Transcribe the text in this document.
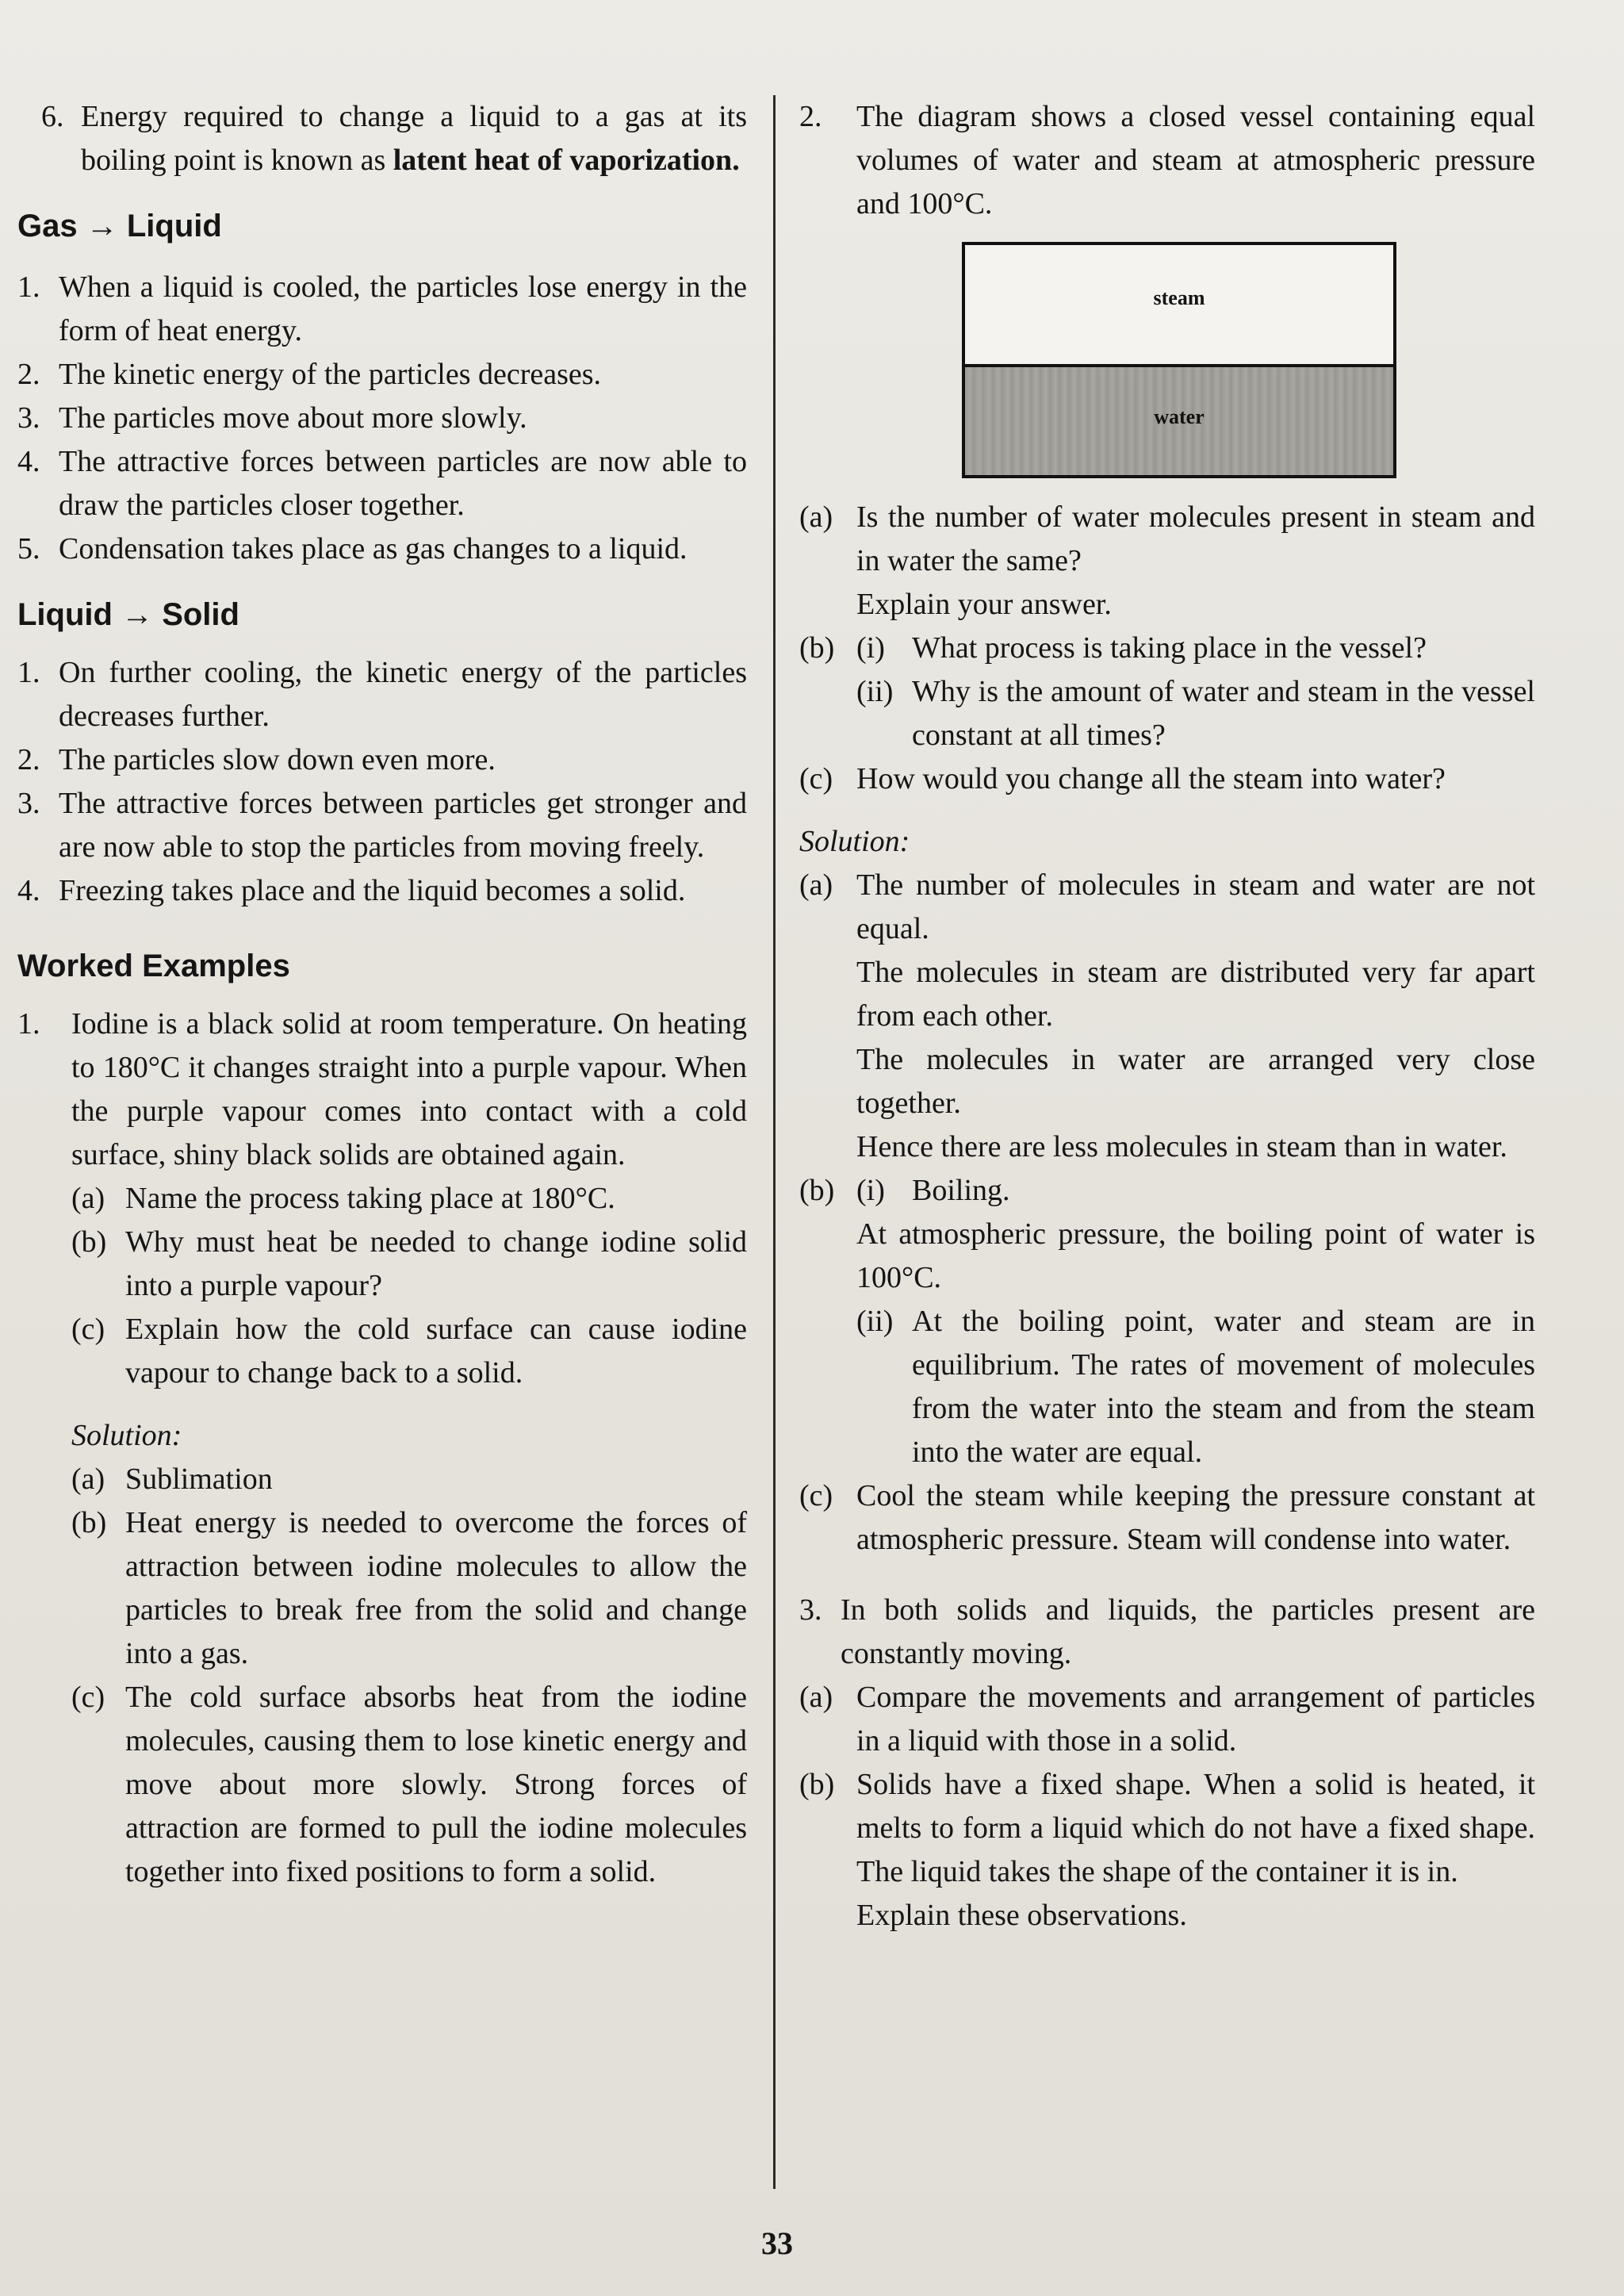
6. Energy required to change a liquid to a gas at its boiling point is known as latent heat of vaporization.
Gas → Liquid
1. When a liquid is cooled, the particles lose energy in the form of heat energy.
2. The kinetic energy of the particles decreases.
3. The particles move about more slowly.
4. The attractive forces between particles are now able to draw the particles closer together.
5. Condensation takes place as gas changes to a liquid.
Liquid → Solid
1. On further cooling, the kinetic energy of the particles decreases further.
2. The particles slow down even more.
3. The attractive forces between particles get stronger and are now able to stop the particles from moving freely.
4. Freezing takes place and the liquid becomes a solid.
Worked Examples
1.	Iodine is a black solid at room temperature. On heating to 180°C it changes straight into a purple vapour. When the purple vapour comes into contact with a cold surface, shiny black solids are obtained again.
(a) Name the process taking place at 180°C.
(b) Why must heat be needed to change iodine solid into a purple vapour?
(c) Explain how the cold surface can cause iodine vapour to change back to a solid.

Solution:

(a) Sublimation
(b) Heat energy is needed to overcome the forces of attraction between iodine molecules to allow the particles to break free from the solid and change into a gas.
(c) The cold surface absorbs heat from the iodine molecules, causing them to lose kinetic energy and move about more slowly. Strong forces of attraction are formed to pull the iodine molecules together into fixed positions to form a solid.
2.	The diagram shows a closed vessel containing equal volumes of water and steam at atmospheric pressure and 100°C.
steam
water
(a) Is the number of water molecules present in steam and in water the same?

Explain your answer.

(b) (i) What process is taking place in the vessel?
(ii) Why is the amount of water and steam in the vessel constant at all times?
(c) How would you change all the steam into water?

Solution:

(a) The number of molecules in steam and water are not equal.
The molecules in steam are distributed very far apart from each other.
The molecules in water are arranged very close together.
Hence there are less molecules in steam than in water.
(b) (i) Boiling.

At atmospheric pressure, the boiling point of water is 100°C.

(ii) At the boiling point, water and steam are in equilibrium. The rates of movement of molecules from the water into the steam and from the steam into the water are equal.
(c) Cool the steam while keeping the pressure constant at atmospheric pressure. Steam will condense into water.
3. In both solids and liquids, the particles present are constantly moving.
(a) Compare the movements and arrangement of particles in a liquid with those in a solid.
(b) Solids have a fixed shape. When a solid is heated, it melts to form a liquid which do not have a fixed shape. The liquid takes the shape of the container it is in.

Explain these observations.

33
